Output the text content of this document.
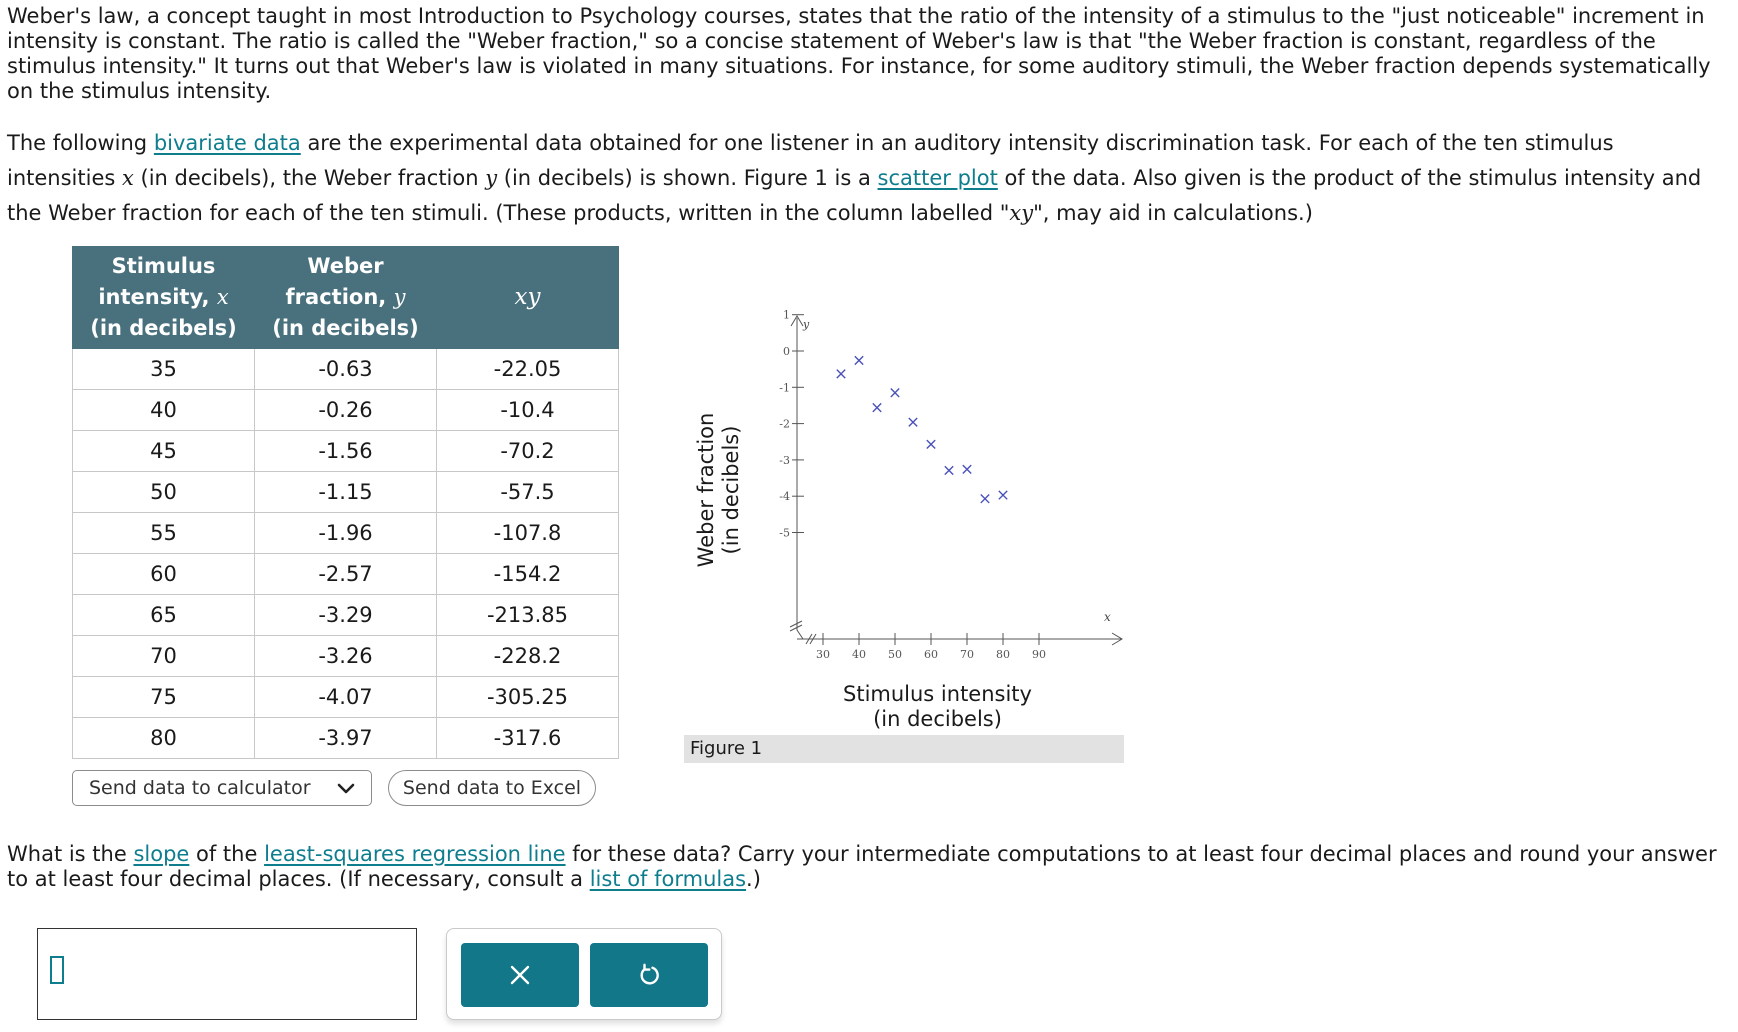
Weber's law, a concept taught in most Introduction to Psychology courses, states that the ratio of the intensity of a stimulus to the "just noticeable" increment in intensity is constant. The ratio is called the "Weber fraction," so a concise statement of Weber's law is that "the Weber fraction is constant, regardless of the stimulus intensity." It turns out that Weber's law is violated in many situations. For instance, for some auditory stimuli, the Weber fraction depends systematically on the stimulus intensity.

The following bivariate data are the experimental data obtained for one listener in an auditory intensity discrimination task. For each of the ten stimulus intensities x (in decibels), the Weber fraction y (in decibels) is shown. Figure 1 is a scatter plot of the data. Also given is the product of the stimulus intensity and the Weber fraction for each of the ten stimuli. (These products, written in the column labelled "xy", may aid in calculations.)

Stimulus
intensity, x
(in decibels)	Weber
fraction, y
(in decibels)	xy
35	-0.63	-22.05
40	-0.26	-10.4
45	-1.56	-70.2
50	-1.15	-57.5
55	-1.96	-107.8
60	-2.57	-154.2
65	-3.29	-213.85
70	-3.26	-228.2
75	-4.07	-305.25
80	-3.97	-317.6
Send data to calculator	Send data to Excel
Weber fraction (in decibels)
1
0
-1
-2
-3
-4
-5
30 40 50 60 70 80 90
y
x
Stimulus intensity
(in decibels)
Figure 1

What is the slope of the least-squares regression line for these data? Carry your intermediate computations to at least four decimal places and round your answer to at least four decimal places. (If necessary, consult a list of formulas.)
